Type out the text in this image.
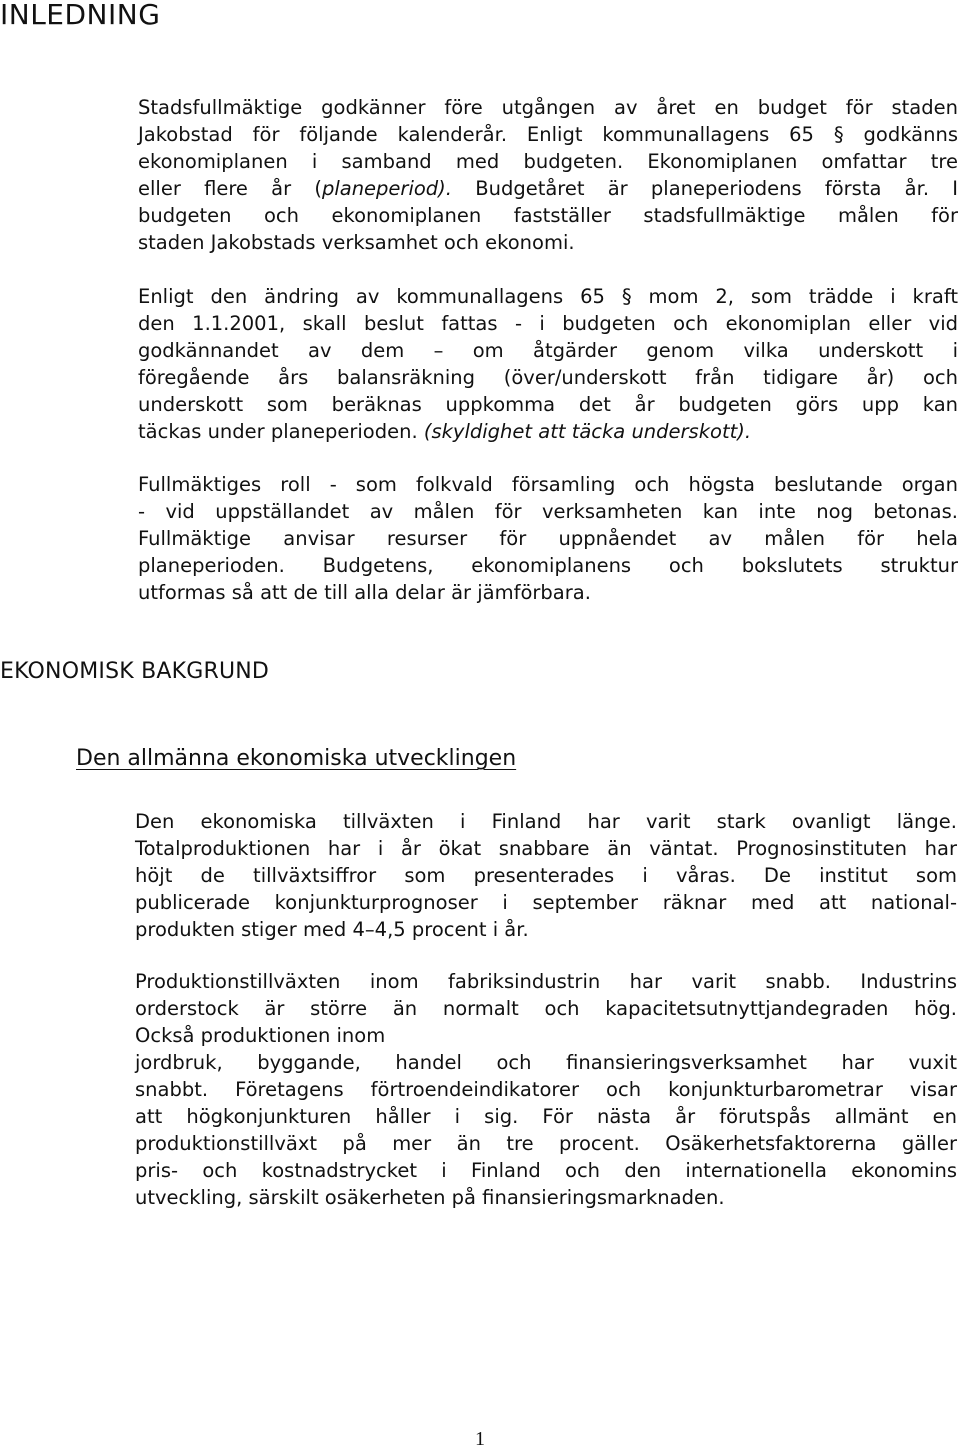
INLEDNING
Stadsfullmäktige godkänner före utgången av året en budget för staden
Jakobstad för följande kalenderår. Enligt kommunallagens 65 § godkänns
ekonomiplanen i samband med budgeten. Ekonomiplanen omfattar tre
eller flere år (planeperiod). Budgetåret är planeperiodens första år. I
budgeten och ekonomiplanen fastställer stadsfullmäktige målen för
staden Jakobstads verksamhet och ekonomi.
Enligt den ändring av kommunallagens 65 § mom 2, som trädde i kraft
den 1.1.2001, skall beslut fattas - i budgeten och ekonomiplan eller vid
godkännandet av dem – om åtgärder genom vilka underskott i
föregående års balansräkning (över/underskott från tidigare år) och
underskott som beräknas uppkomma det år budgeten görs upp kan
täckas under planeperioden. (skyldighet att täcka underskott).
Fullmäktiges roll - som folkvald församling och högsta beslutande organ
- vid uppställandet av målen för verksamheten kan inte nog betonas.
Fullmäktige anvisar resurser för uppnåendet av målen för hela
planeperioden. Budgetens, ekonomiplanens och bokslutets struktur
utformas så att de till alla delar är jämförbara.
EKONOMISK BAKGRUND
Den allmänna ekonomiska utvecklingen
Den ekonomiska tillväxten i Finland har varit stark ovanligt länge.
Totalproduktionen har i år ökat snabbare än väntat. Prognosinstituten har
höjt de tillväxtsiffror som presenterades i våras. De institut som
publicerade konjunkturprognoser i september räknar med att national-
produkten stiger med 4–4,5 procent i år.
Produktionstillväxten inom fabriksindustrin har varit snabb. Industrins
orderstock är större än normalt och kapacitetsutnyttjandegraden hög.
Också produktionen inom
jordbruk, byggande, handel och finansieringsverksamhet har vuxit
snabbt. Företagens förtroendeindikatorer och konjunkturbarometrar visar
att högkonjunkturen håller i sig. För nästa år förutspås allmänt en
produktionstillväxt på mer än tre procent. Osäkerhetsfaktorerna gäller
pris- och kostnadstrycket i Finland och den internationella ekonomins
utveckling, särskilt osäkerheten på finansieringsmarknaden.

1
